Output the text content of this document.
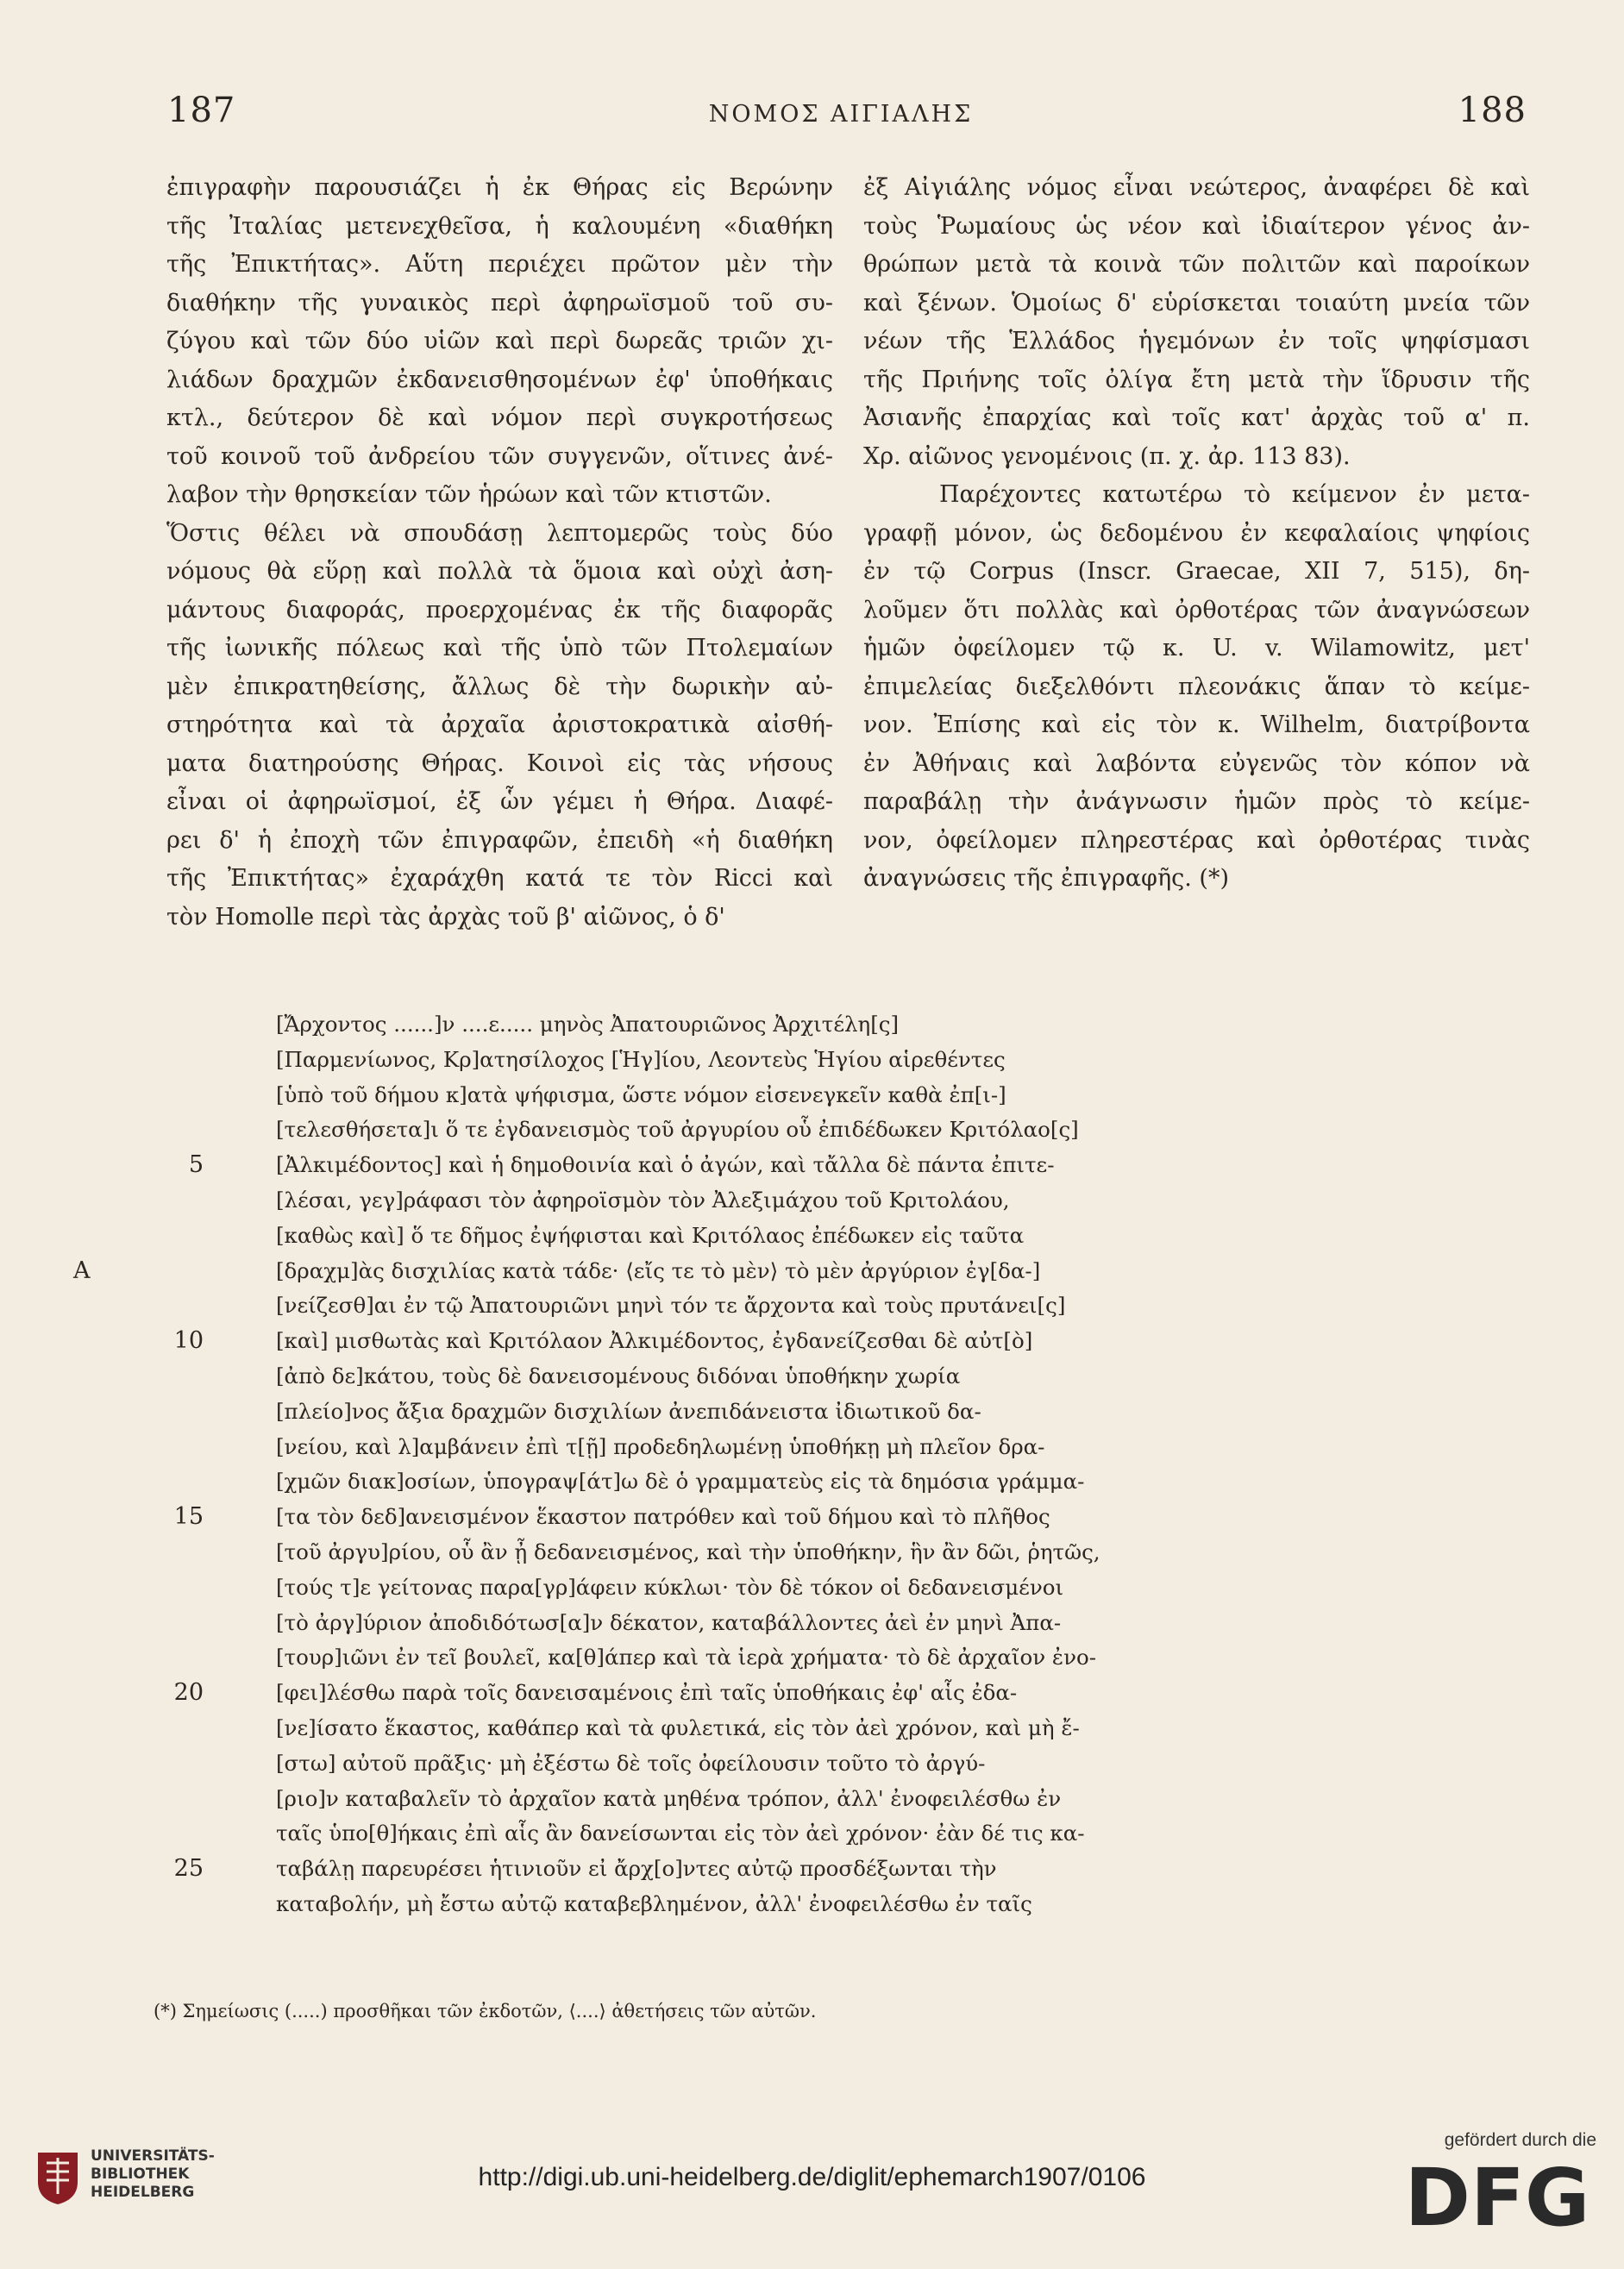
187	ΝΟΜΟΣ ΑΙΓΙΑΛΗΣ	188
ἐπιγραφὴν παρουσιάζει ἡ ἐκ Θήρας εἰς Βερώνην
τῆς Ἰταλίας μετενεχθεῖσα, ἡ καλουμένη «διαθήκη
τῆς Ἐπικτήτας». Αὕτη περιέχει πρῶτον μὲν τὴν
διαθήκην τῆς γυναικὸς περὶ ἀφηρωϊσμοῦ τοῦ συ-
ζύγου καὶ τῶν δύο υἱῶν καὶ περὶ δωρεᾶς τριῶν χι-
λιάδων δραχμῶν ἐκδανεισθησομένων ἐφ' ὑποθήκαις
κτλ., δεύτερον δὲ καὶ νόμον περὶ συγκροτήσεως
τοῦ κοινοῦ τοῦ ἀνδρείου τῶν συγγενῶν, οἵτινες ἀνέ-
λαβον τὴν θρησκείαν τῶν ἡρώων καὶ τῶν κτιστῶν.
Ὅστις θέλει νὰ σπουδάσῃ λεπτομερῶς τοὺς δύο
νόμους θὰ εὕρῃ καὶ πολλὰ τὰ ὅμοια καὶ οὐχὶ ἀση-
μάντους διαφοράς, προερχομένας ἐκ τῆς διαφορᾶς
τῆς ἰωνικῆς πόλεως καὶ τῆς ὑπὸ τῶν Πτολεμαίων
μὲν ἐπικρατηθείσης, ἄλλως δὲ τὴν δωρικὴν αὐ-
στηρότητα καὶ τὰ ἀρχαῖα ἀριστοκρατικὰ αἰσθή-
ματα διατηρούσης Θήρας. Κοινοὶ εἰς τὰς νήσους
εἶναι οἱ ἀφηρωϊσμοί, ἐξ ὧν γέμει ἡ Θήρα. Διαφέ-
ρει δ' ἡ ἐποχὴ τῶν ἐπιγραφῶν, ἐπειδὴ «ἡ διαθήκη
τῆς Ἐπικτήτας» ἐχαράχθη κατά τε τὸν Ricci καὶ
τὸν Homolle περὶ τὰς ἀρχὰς τοῦ β' αἰῶνος, ὁ δ'
ἐξ Αἰγιάλης νόμος εἶναι νεώτερος, ἀναφέρει δὲ καὶ
τοὺς Ῥωμαίους ὡς νέον καὶ ἰδιαίτερον γένος ἀν-
θρώπων μετὰ τὰ κοινὰ τῶν πολιτῶν καὶ παροίκων
καὶ ξένων. Ὁμοίως δ' εὑρίσκεται τοιαύτη μνεία τῶν
νέων τῆς Ἑλλάδος ἡγεμόνων ἐν τοῖς ψηφίσμασι
τῆς Πριήνης τοῖς ὀλίγα ἔτη μετὰ τὴν ἵδρυσιν τῆς
Ἀσιανῆς ἐπαρχίας καὶ τοῖς κατ' ἀρχὰς τοῦ α' π.
Χρ. αἰῶνος γενομένοις (π. χ. ἀρ. 113 83).
Παρέχοντες κατωτέρω τὸ κείμενον ἐν μετα-
γραφῇ μόνον, ὡς δεδομένου ἐν κεφαλαίοις ψηφίοις
ἐν τῷ Corpus (Inscr. Graecae, XII 7, 515), δη-
λοῦμεν ὅτι πολλὰς καὶ ὀρθοτέρας τῶν ἀναγνώσεων
ἡμῶν ὀφείλομεν τῷ κ. U. v. Wilamowitz, μετ'
ἐπιμελείας διεξελθόντι πλεονάκις ἅπαν τὸ κείμε-
νον. Ἐπίσης καὶ εἰς τὸν κ. Wilhelm, διατρίβοντα
ἐν Ἀθήναις καὶ λαβόντα εὐγενῶς τὸν κόπον νὰ
παραβάλῃ τὴν ἀνάγνωσιν ἡμῶν πρὸς τὸ κείμε-
νον, ὀφείλομεν πληρεστέρας καὶ ὀρθοτέρας τινὰς
ἀναγνώσεις τῆς ἐπιγραφῆς. (*)
[Ἄρχοντος ......]ν ....ε..... μηνὸς Ἀπατουριῶνος Ἀρχιτέλη[ς]
[Παρμενίωνος, Κρ]ατησίλοχος [Ἡγ]ίου, Λεοντεὺς Ἡγίου αἱρεθέντες
[ὑπὸ τοῦ δήμου κ]ατὰ ψήφισμα, ὥστε νόμον εἰσενεγκεῖν καθὰ ἐπ[ι-]
[τελεσθήσετα]ι ὅ τε ἐγδανεισμὸς τοῦ ἀργυρίου οὗ ἐπιδέδωκεν Κριτόλαο[ς]
5	[Ἀλκιμέδοντος] καὶ ἡ δημοθοινία καὶ ὁ ἀγών, καὶ τἄλλα δὲ πάντα ἐπιτε-
[λέσαι, γεγ]ράφασι τὸν ἀφηροϊσμὸν τὸν Ἀλεξιμάχου τοῦ Κριτολάου,
[καθὼς καὶ] ὅ τε δῆμος ἐψήφισται καὶ Κριτόλαος ἐπέδωκεν εἰς ταῦτα
A	[δραχμ]ὰς δισχιλίας κατὰ τάδε· ⟨εἴς τε τὸ μὲν⟩ τὸ μὲν ἀργύριον ἐγ[δα-]
[νείζεσθ]αι ἐν τῷ Ἀπατουριῶνι μηνὶ τόν τε ἄρχοντα καὶ τοὺς πρυτάνει[ς]
10	[καὶ] μισθωτὰς καὶ Κριτόλαον Ἀλκιμέδοντος, ἐγδανείζεσθαι δὲ αὐτ[ὸ]
[ἀπὸ δε]κάτου, τοὺς δὲ δανεισομένους διδόναι ὑποθήκην χωρία
[πλείο]νος ἄξια δραχμῶν δισχιλίων ἀνεπιδάνειστα ἰδιωτικοῦ δα-
[νείου, καὶ λ]αμβάνειν ἐπὶ τ[ῇ] προδεδηλωμένῃ ὑποθήκῃ μὴ πλεῖον δρα-
[χμῶν διακ]οσίων, ὑπογραψ[άτ]ω δὲ ὁ γραμματεὺς εἰς τὰ δημόσια γράμμα-
15	[τα τὸν δεδ]ανεισμένον ἕκαστον πατρόθεν καὶ τοῦ δήμου καὶ τὸ πλῆθος
[τοῦ ἀργυ]ρίου, οὗ ἂν ᾖ δεδανεισμένος, καὶ τὴν ὑποθήκην, ἣν ἂν δῶι, ῥητῶς,
[τούς τ]ε γείτονας παρα[γρ]άφειν κύκλωι· τὸν δὲ τόκον οἱ δεδανεισμένοι
[τὸ ἀργ]ύριον ἀποδιδότωσ[α]ν δέκατον, καταβάλλοντες ἀεὶ ἐν μηνὶ Ἀπα-
[τουρ]ιῶνι ἐν τεῖ βουλεῖ, κα[θ]άπερ καὶ τὰ ἱερὰ χρήματα· τὸ δὲ ἀρχαῖον ἐνο-
20	[φει]λέσθω παρὰ τοῖς δανεισαμένοις ἐπὶ ταῖς ὑποθήκαις ἐφ' αἷς ἐδα-
[νε]ίσατο ἕκαστος, καθάπερ καὶ τὰ φυλετικά, εἰς τὸν ἀεὶ χρόνον, καὶ μὴ ἔ-
[στω] αὐτοῦ πρᾶξις· μὴ ἐξέστω δὲ τοῖς ὀφείλουσιν τοῦτο τὸ ἀργύ-
[ριο]ν καταβαλεῖν τὸ ἀρχαῖον κατὰ μηθένα τρόπον, ἀλλ' ἐνοφειλέσθω ἐν
ταῖς ὑπο[θ]ήκαις ἐπὶ αἷς ἂν δανείσωνται εἰς τὸν ἀεὶ χρόνον· ἐὰν δέ τις κα-
25	ταβάλῃ παρευρέσει ἡτινιοῦν εἰ ἄρχ[ο]ντες αὐτῷ προσδέξωνται τὴν
καταβολήν, μὴ ἔστω αὐτῷ καταβεβλημένον, ἀλλ' ἐνοφειλέσθω ἐν ταῖς
(*) Σημείωσις (.....) προσθῆκαι τῶν ἐκδοτῶν, ⟨....⟩ ἀθετήσεις τῶν αὐτῶν.
UNIVERSITÄTS-
BIBLIOTHEK
HEIDELBERG
http://digi.ub.uni-heidelberg.de/diglit/ephemarch1907/0106
gefördert durch die
DFG
